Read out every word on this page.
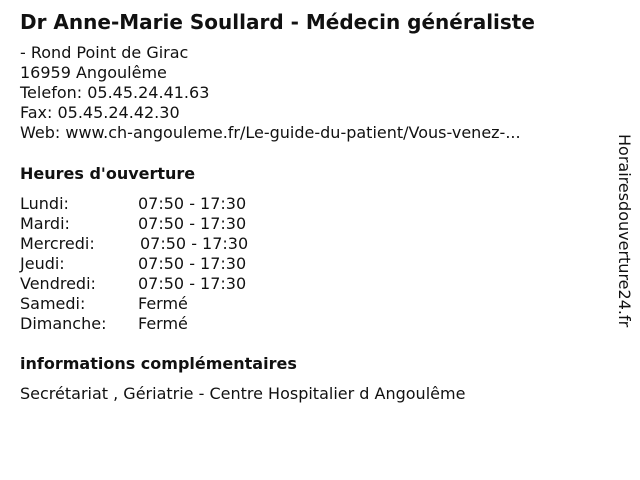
Dr Anne-Marie Soullard - Médecin généraliste
- Rond Point de Girac
16959 Angoulême
Telefon: 05.45.24.41.63
Fax: 05.45.24.42.30
Web: www.ch-angouleme.fr/Le-guide-du-patient/Vous-venez-...
Heures d'ouverture
Lundi:	07:50 - 17:30
Mardi:	07:50 - 17:30
Mercredi:	07:50 - 17:30
Jeudi:	07:50 - 17:30
Vendredi:	07:50 - 17:30
Samedi:	Fermé
Dimanche: Fermé
informations complémentaires
Secrétariat , Gériatrie - Centre Hospitalier d Angoulême
Horairesdouverture24.fr
